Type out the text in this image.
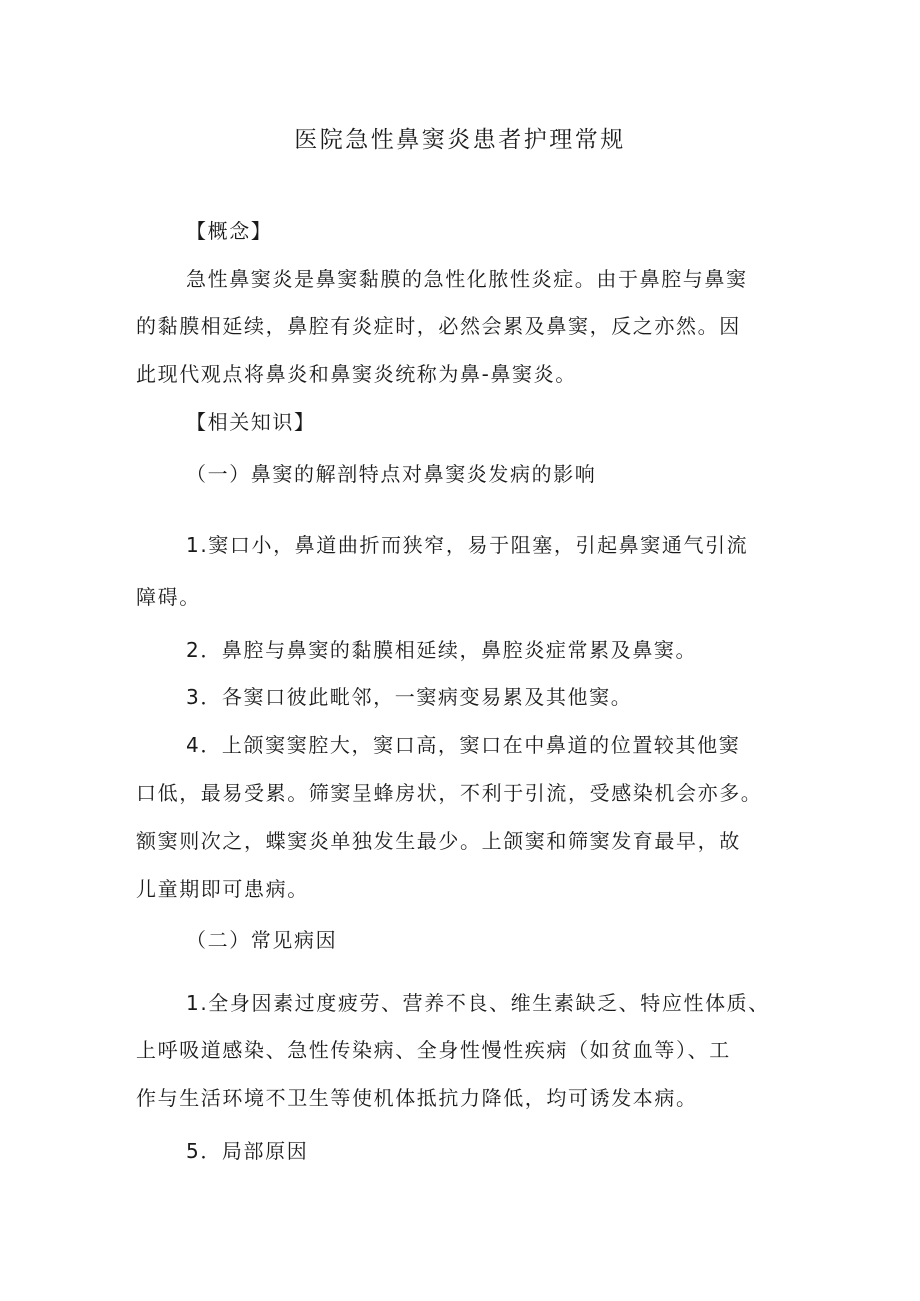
医院急性鼻窦炎患者护理常规
【概念】
急性鼻窦炎是鼻窦黏膜的急性化脓性炎症。由于鼻腔与鼻窦
的黏膜相延续，鼻腔有炎症时，必然会累及鼻窦，反之亦然。因
此现代观点将鼻炎和鼻窦炎统称为鼻-鼻窦炎。
【相关知识】
（一）鼻窦的解剖特点对鼻窦炎发病的影响
1.窦口小，鼻道曲折而狭窄，易于阻塞，引起鼻窦通气引流
障碍。
2．鼻腔与鼻窦的黏膜相延续，鼻腔炎症常累及鼻窦。
3．各窦口彼此毗邻，一窦病变易累及其他窦。
4．上颌窦窦腔大，窦口高，窦口在中鼻道的位置较其他窦
口低，最易受累。筛窦呈蜂房状，不利于引流，受感染机会亦多。
额窦则次之，蝶窦炎单独发生最少。上颌窦和筛窦发育最早，故
儿童期即可患病。
（二）常见病因
1.全身因素过度疲劳、营养不良、维生素缺乏、特应性体质、
上呼吸道感染、急性传染病、全身性慢性疾病（如贫血等）、工
作与生活环境不卫生等使机体抵抗力降低，均可诱发本病。
5．局部原因
